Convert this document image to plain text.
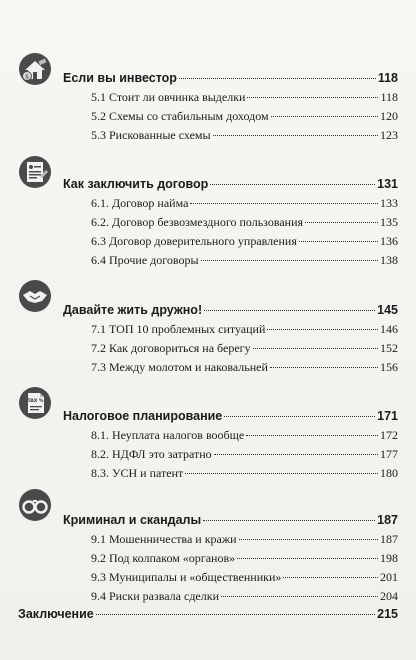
$	Если вы инвестор	118
5.1 Стоит ли овчинка выделки	118
5.2 Схемы со стабильным доходом	120
5.3 Рискованные схемы	123
Как заключить договор	131
6.1. Договор найма	133
6.2. Договор безвозмездного пользования	135
6.3 Договор доверительного управления	136
6.4 Прочие договоры	138
Давайте жить дружно!	145
7.1 ТОП 10 проблемных ситуаций	146
7.2 Как договориться на берегу	152
7.3 Между молотом и наковальней	156
TAX %
Налоговое планирование	171
8.1. Неуплата налогов вообще	172
8.2. НДФЛ это затратно	177
8.3. УСН и патент	180
Криминал и скандалы	187
9.1 Мошенничества и кражи	187
9.2 Под колпаком «органов»	198
9.3 Муниципалы и «общественники»	201
9.4 Риски развала сделки	204
Заключение	215
